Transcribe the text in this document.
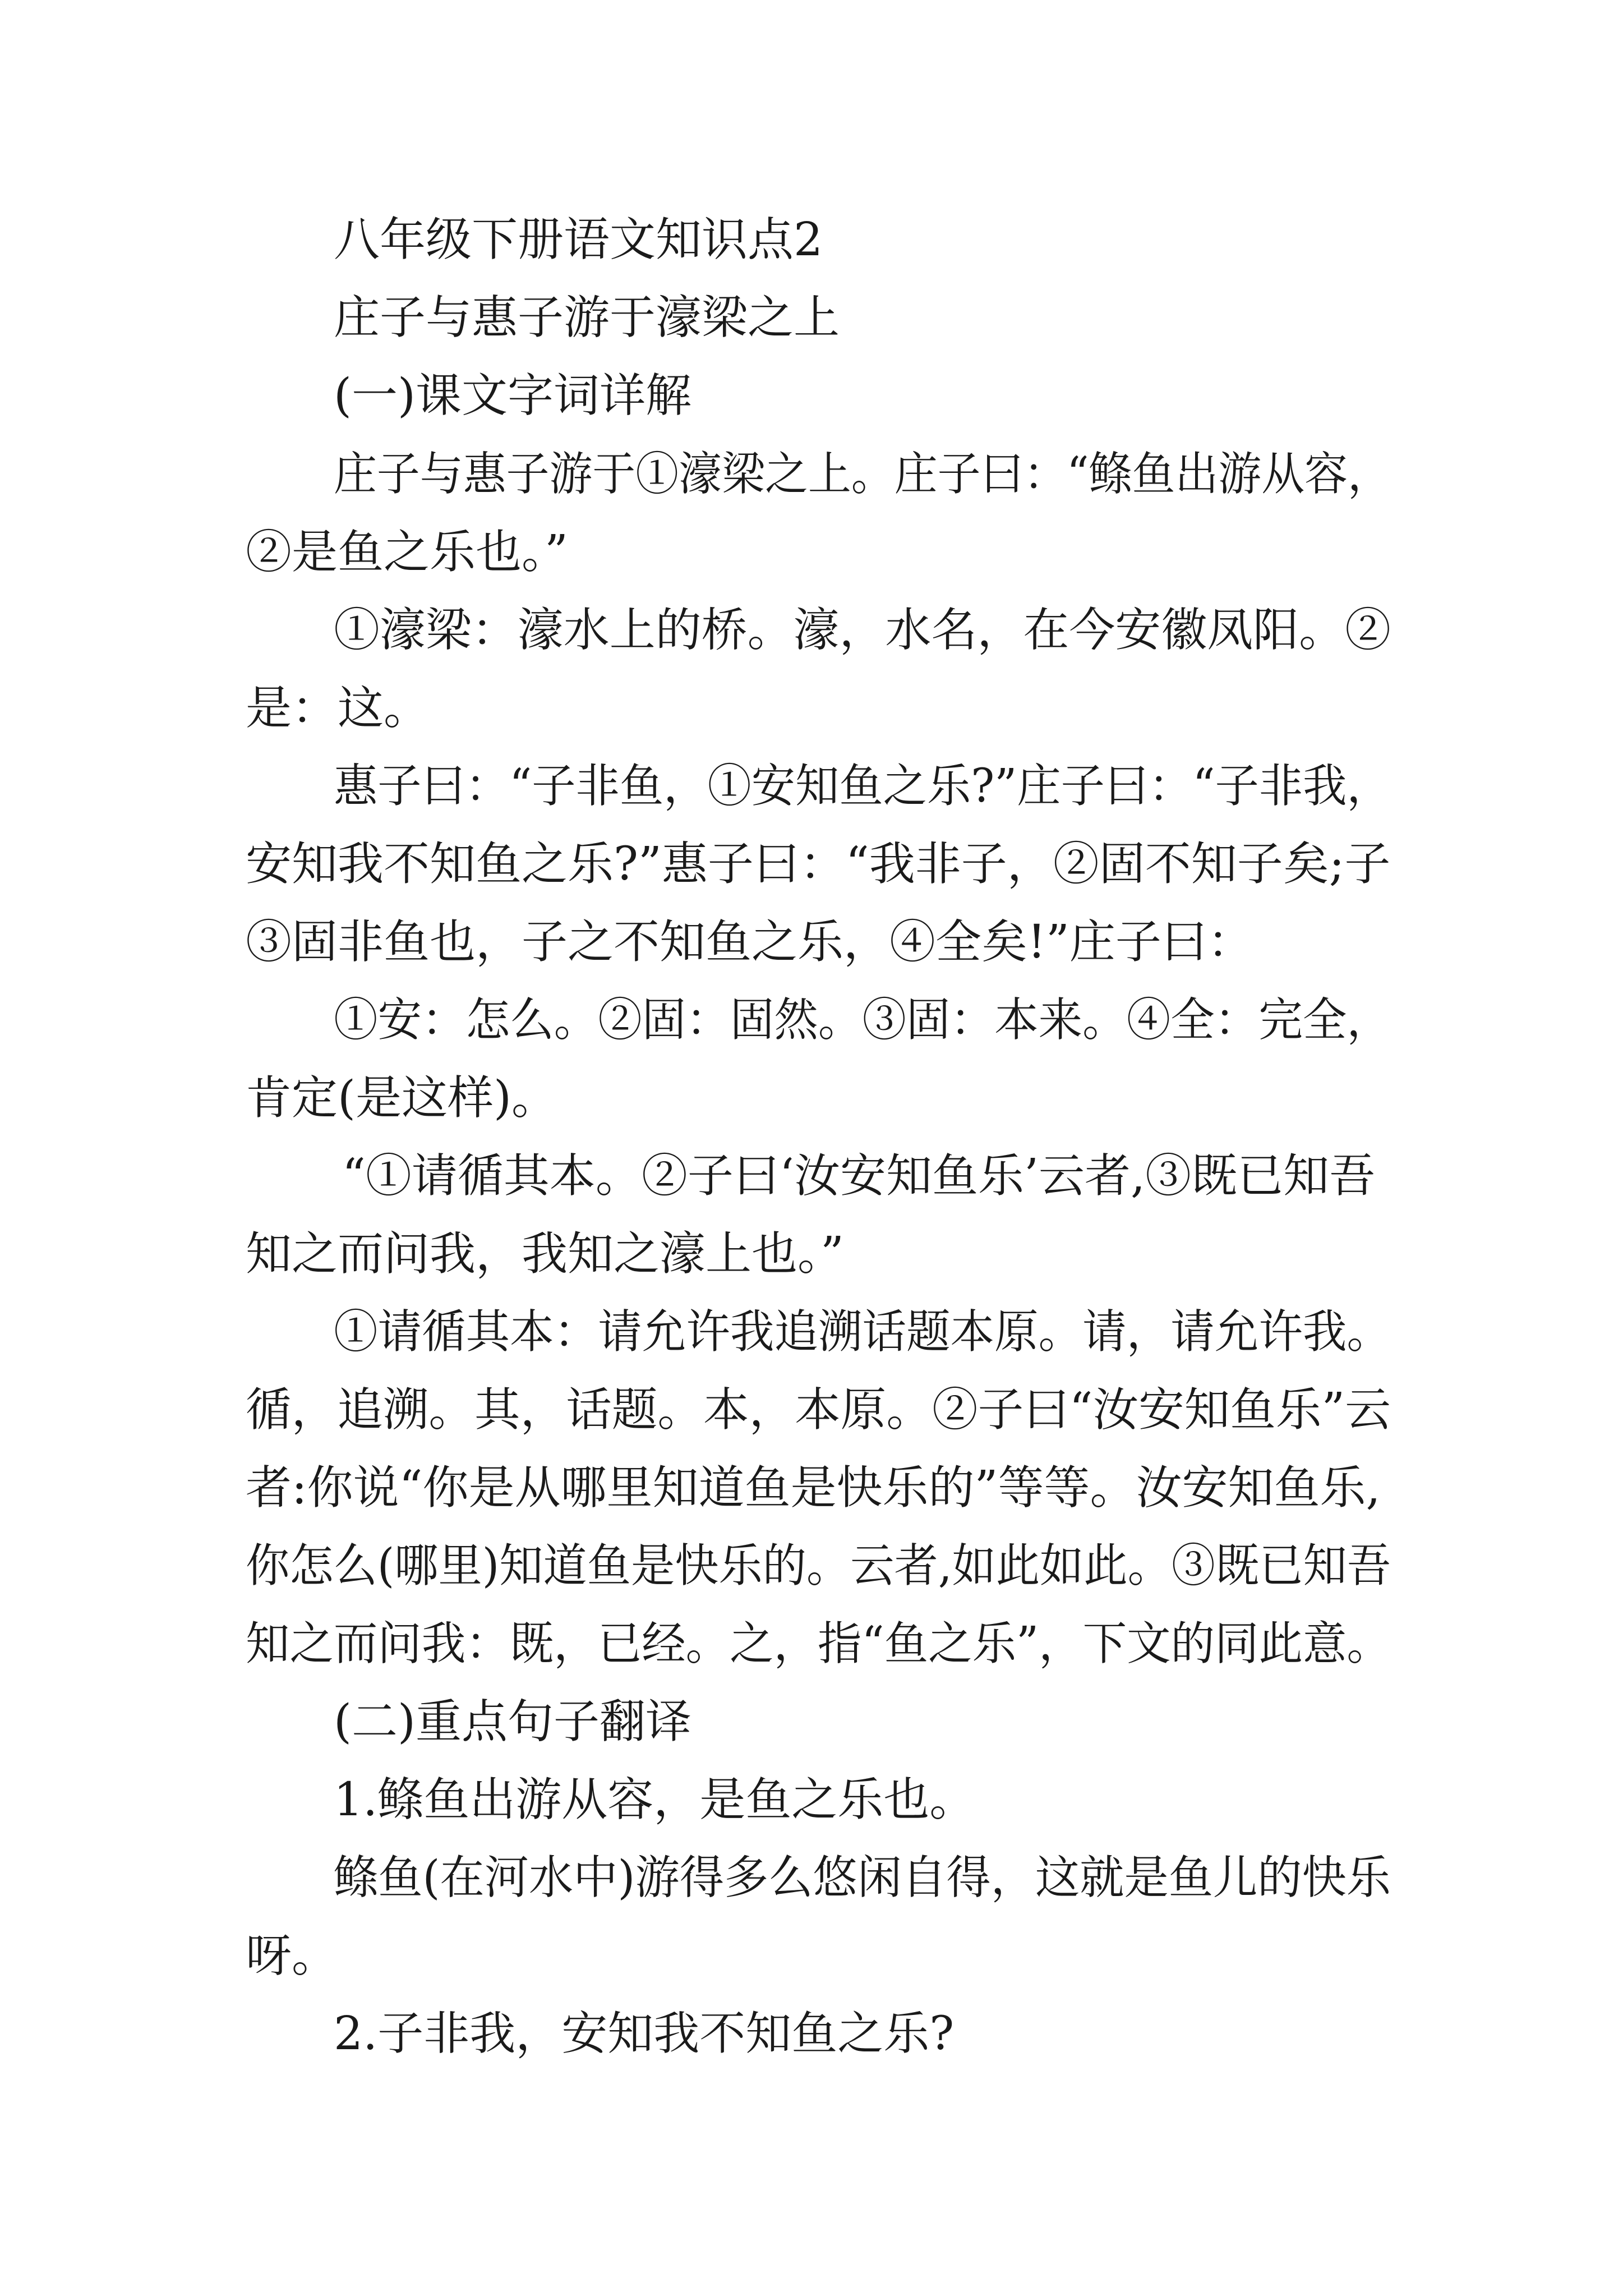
八年级下册语文知识点2
庄子与惠子游于濠梁之上
(一)课文字词详解
庄子与惠子游于①濠梁之上。庄子曰：“鲦鱼出游从容，
②是鱼之乐也。”
①濠梁：濠水上的桥。濠，水名，在今安徽凤阳。②
是：这。
惠子曰：“子非鱼，①安知鱼之乐?”庄子曰：“子非我，
安知我不知鱼之乐?”惠子曰：“我非子，②固不知子矣;子
③固非鱼也，子之不知鱼之乐，④全矣!”庄子曰：
①安：怎么。②固：固然。③固：本来。④全：完全，
肯定(是这样)。
“①请循其本。②子曰‘汝安知鱼乐’云者,③既已知吾
知之而问我，我知之濠上也。”
①请循其本：请允许我追溯话题本原。请，请允许我。
循，追溯。其，话题。本，本原。②子曰“汝安知鱼乐”云
者:你说“你是从哪里知道鱼是快乐的”等等。汝安知鱼乐,
你怎么(哪里)知道鱼是快乐的。云者,如此如此。③既已知吾
知之而问我：既，已经。之，指“鱼之乐”，下文的同此意。
(二)重点句子翻译
1.鲦鱼出游从容，是鱼之乐也。
鲦鱼(在河水中)游得多么悠闲自得，这就是鱼儿的快乐
呀。
2.子非我，安知我不知鱼之乐?
